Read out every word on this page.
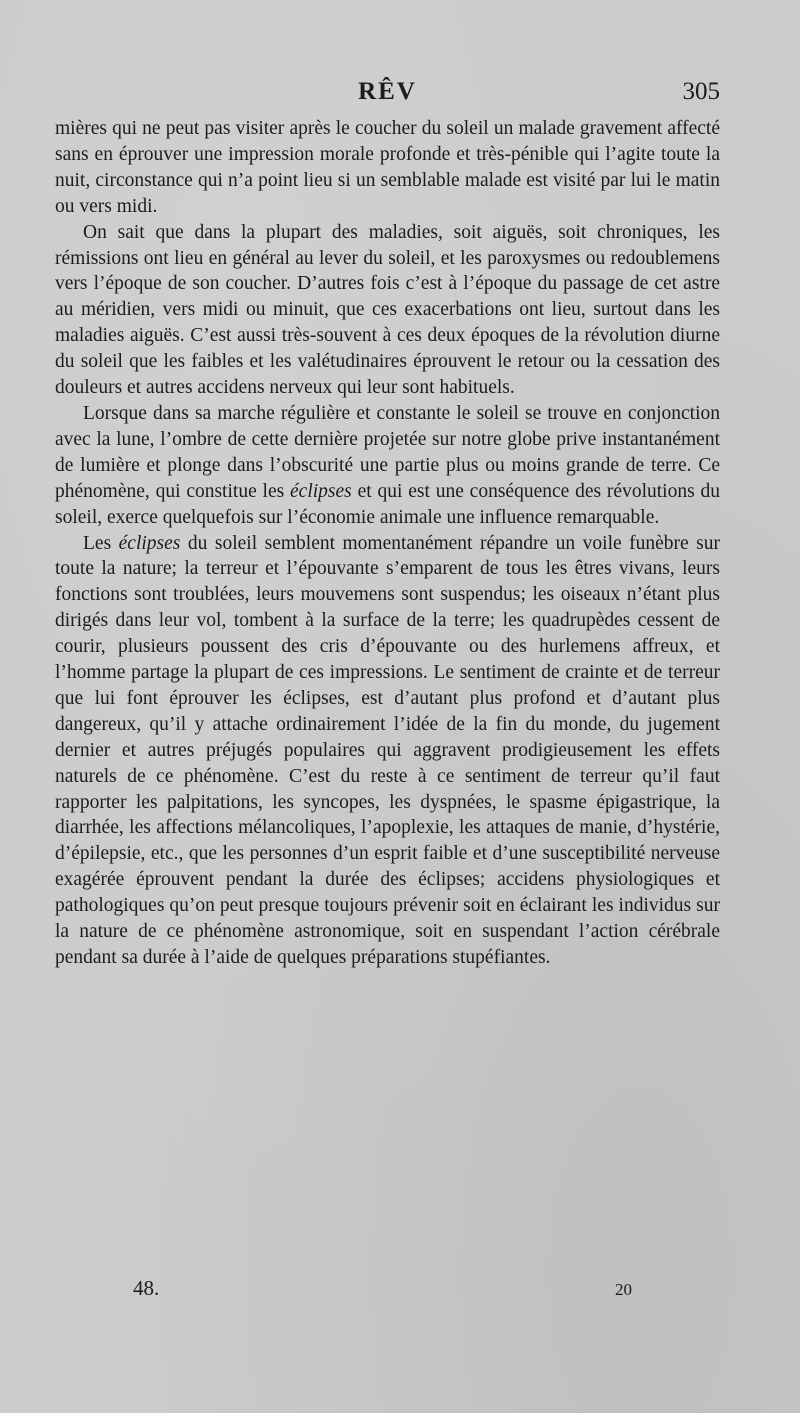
RÊV	305

mières qui ne peut pas visiter après le coucher du soleil un malade gravement affecté sans en éprouver une impression morale profonde et très-pénible qui l’agite toute la nuit, circonstance qui n’a point lieu si un semblable malade est visité par lui le matin ou vers midi.

On sait que dans la plupart des maladies, soit aiguës, soit chroniques, les rémissions ont lieu en général au lever du soleil, et les paroxysmes ou redoublemens vers l’époque de son coucher. D’autres fois c’est à l’époque du passage de cet astre au méridien, vers midi ou minuit, que ces exacerbations ont lieu, surtout dans les maladies aiguës. C’est aussi très-souvent à ces deux époques de la révolution diurne du soleil que les faibles et les valétudinaires éprouvent le retour ou la cessation des douleurs et autres accidens nerveux qui leur sont habituels.

Lorsque dans sa marche régulière et constante le soleil se trouve en conjonction avec la lune, l’ombre de cette dernière projetée sur notre globe prive instantanément de lumière et plonge dans l’obscurité une partie plus ou moins grande de terre. Ce phénomène, qui constitue les éclipses et qui est une conséquence des révolutions du soleil, exerce quelquefois sur l’économie animale une influence remarquable.

Les éclipses du soleil semblent momentanément répandre un voile funèbre sur toute la nature; la terreur et l’épouvante s’emparent de tous les êtres vivans, leurs fonctions sont troublées, leurs mouvemens sont suspendus; les oiseaux n’étant plus dirigés dans leur vol, tombent à la surface de la terre; les quadrupèdes cessent de courir, plusieurs poussent des cris d’épouvante ou des hurlemens affreux, et l’homme partage la plupart de ces impressions. Le sentiment de crainte et de terreur que lui font éprouver les éclipses, est d’autant plus profond et d’autant plus dangereux, qu’il y attache ordinairement l’idée de la fin du monde, du jugement dernier et autres préjugés populaires qui aggravent prodigieusement les effets naturels de ce phénomène. C’est du reste à ce sentiment de terreur qu’il faut rapporter les palpitations, les syncopes, les dyspnées, le spasme épigastrique, la diarrhée, les affections mélancoliques, l’apoplexie, les attaques de manie, d’hystérie, d’épilepsie, etc., que les personnes d’un esprit faible et d’une susceptibilité nerveuse exagérée éprouvent pendant la durée des éclipses; accidens physiologiques et pathologiques qu’on peut presque toujours prévenir soit en éclairant les individus sur la nature de ce phénomène astronomique, soit en suspendant l’action cérébrale pendant sa durée à l’aide de quelques préparations stupéfiantes.

48.	20
